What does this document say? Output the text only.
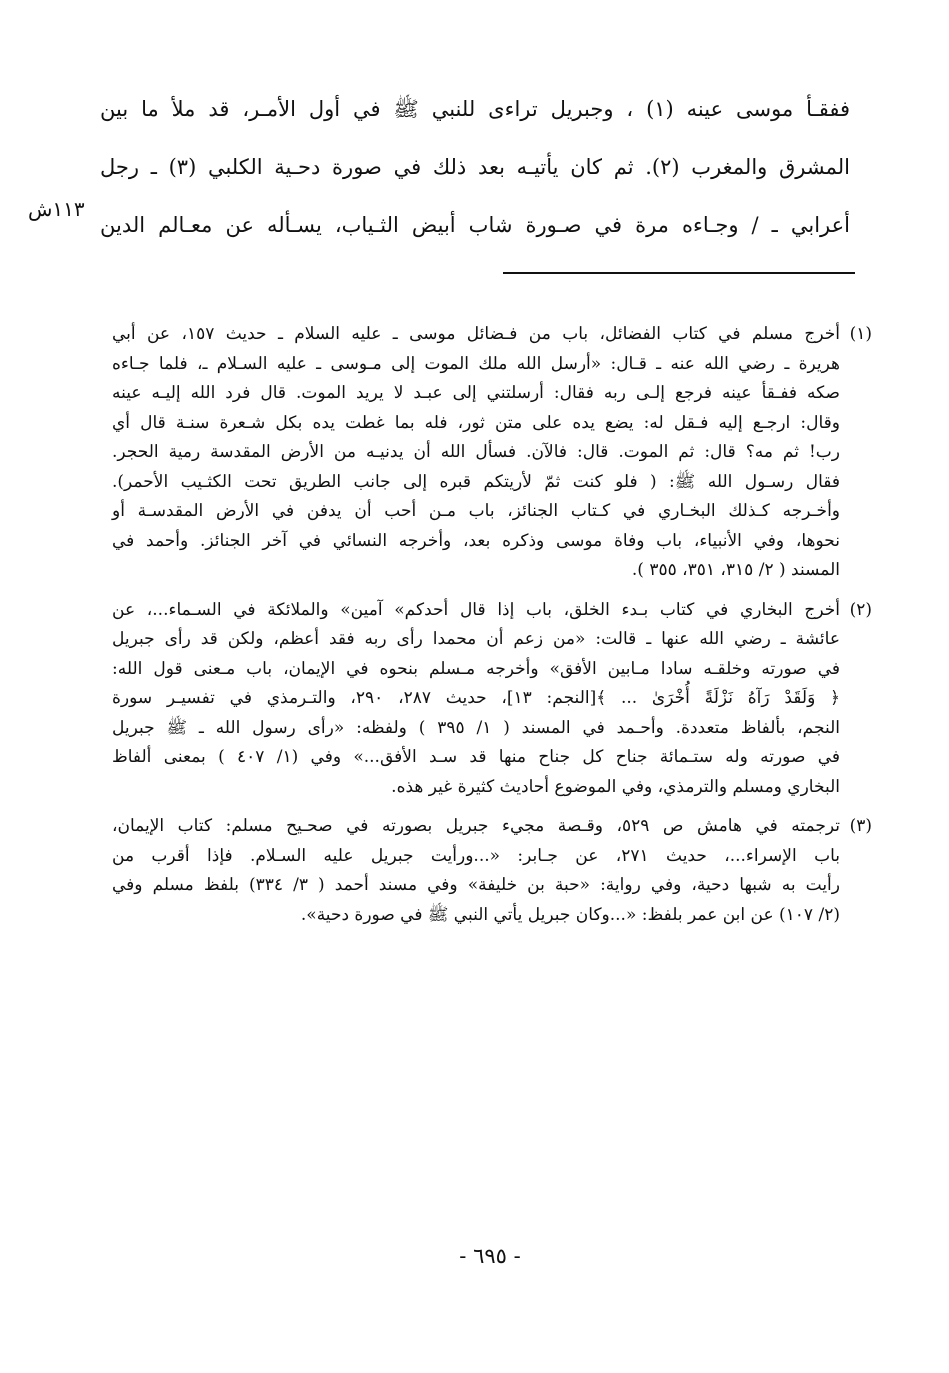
ففقـأ موسى عينه (١) ، وجبريل تراءى للنبي ﷺ في أول الأمـر، قد ملأ ما بين
المشرق والمغرب (٢). ثم كان يأتيـه بعد ذلك في صورة دحـية الكلبي (٣) ـ رجل
أعرابي ـ / وجـاءه مرة في صـورة شاب أبيض الثـياب، يسـأله عن معـالم الدين
١١٣ش
(١)
أخرج مسلم في كتاب الفضائل، باب من فـضائل موسى ـ عليه السلام ـ حديث ١٥٧، عن أبي
هريرة ـ رضي الله عنه ـ قـال: «أرسل الله ملك الموت إلى مـوسى ـ عليه السـلام ـ، فلما جـاءه
صكه ففـقأ عينه فرجع إلـى ربه فقال: أرسلتني إلى عبـد لا يريد الموت. قال فرد الله إليـه عينه
وقال: ارجـع إليه فـقل له: يضع يده على متن ثور، فله بما غطت يده بكل شـعرة سنـة قال أي
رب! ثم مه؟ قال: ثم الموت. قال: فالآن. فسأل الله أن يدنيـه من الأرض المقدسة رمية الحجر.
فقال رسـول الله ﷺ: ( فلو كنت ثمّ لأريتكم قبره إلى جانب الطريق تحت الكثـيب الأحمر).
وأخـرجه كـذلك البخـاري في كـتاب الجنائز، باب مـن أحب أن يدفن في الأرض المقدسـة أو
نحوها، وفي الأنبياء، باب وفاة موسى وذكره بعد، وأخرجه النسائي في آخر الجنائز. وأحمد في
المسند ( ٢/ ٣١٥، ٣٥١، ٣٥٥ ).
(٢)
أخرج البخاري في كتاب بـدء الخلق، باب إذا قال أحدكم» آمين» والملائكة في السـماء...، عن
عائشة ـ رضي الله عنها ـ قالت: «من زعم أن محمدا رأى ربه فقد أعظم، ولكن قد رأى جبريل
في صورته وخلقـه سادا مـابين الأفق» وأخرجه مـسلم بنحوه في الإيمان، باب مـعنى قول الله:
﴿ وَلَقَدْ رَآهُ نَزْلَةً أُخْرَىٰ ... ﴾[النجم: ١٣]، حديث ٢٨٧، ٢٩٠، والتـرمذي في تفسيـر سورة
النجم، بألفاظ متعددة. وأحـمد في المسند ( ١/ ٣٩٥ ) ولفظه: «رأى رسول الله ـ ﷺ جبريل
في صورته وله ستـمائة جناح كل جناح منها قد سـد الأفق...» وفي (١/ ٤٠٧ ) بمعنى ألفاظ
البخاري ومسلم والترمذي، وفي الموضوع أحاديث كثيرة غير هذه.
(٣)
ترجمته في هامش ص ٥٢٩، وقـصة مجيء جبريل بصورته في صحـيح مسلم: كتاب الإيمان،
باب الإسراء...، حديث ٢٧١، عن جـابر: «...ورأيت جبريل عليه السـلام. فإذا أقرب من
رأيت به شبها دحية، وفي رواية: «حبة بن خليفة» وفي مسند أحمد ( ٣/ ٣٣٤) بلفظ مسلم وفي
(٢/ ١٠٧) عن ابن عمر بلفظ: «...وكان جبريل يأتي النبي ﷺ في صورة دحية».
- ٦٩٥ -
